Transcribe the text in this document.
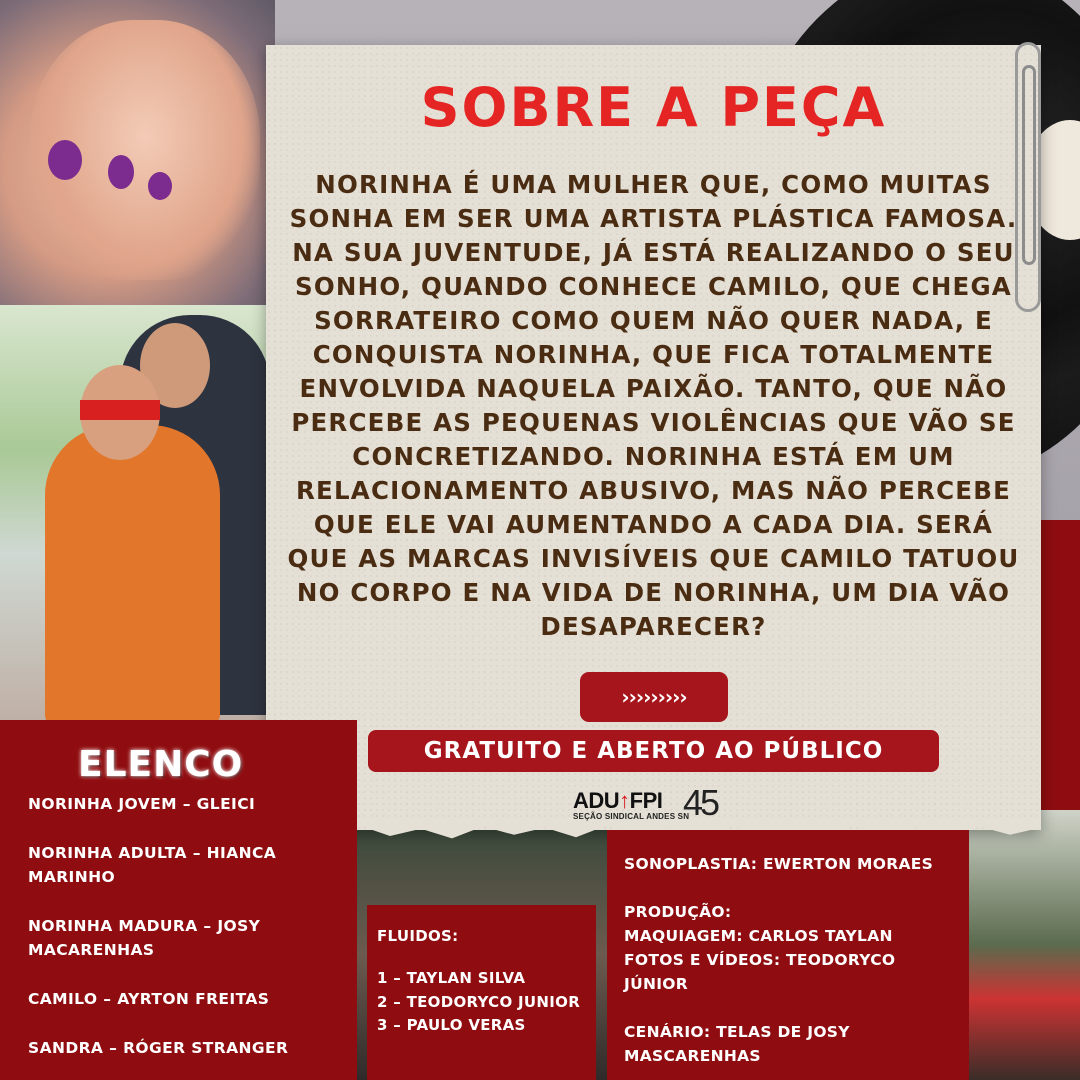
SOBRE A PEÇA
NORINHA É UMA MULHER QUE, COMO MUITAS SONHA EM SER UMA ARTISTA PLÁSTICA FAMOSA. NA SUA JUVENTUDE, JÁ ESTÁ REALIZANDO O SEU SONHO, QUANDO CONHECE CAMILO, QUE CHEGA SORRATEIRO COMO QUEM NÃO QUER NADA, E CONQUISTA NORINHA, QUE FICA TOTALMENTE ENVOLVIDA NAQUELA PAIXÃO. TANTO, QUE NÃO PERCEBE AS PEQUENAS VIOLÊNCIAS QUE VÃO SE CONCRETIZANDO. NORINHA ESTÁ EM UM RELACIONAMENTO ABUSIVO, MAS NÃO PERCEBE QUE ELE VAI AUMENTANDO A CADA DIA. SERÁ QUE AS MARCAS INVISÍVEIS QUE CAMILO TATUOU NO CORPO E NA VIDA DE NORINHA, UM DIA VÃO DESAPARECER?
›››››››››
GRATUITO E ABERTO AO PÚBLICO
ADU↑FPI 45
SEÇÃO SINDICAL ANDES SN
ELENCO
NORINHA JOVEM – GLEICI
NORINHA ADULTA – HIANCA MARINHO
NORINHA MADURA – JOSY MACARENHAS
CAMILO – AYRTON FREITAS
SANDRA – RÓGER STRANGER
FLUIDOS:
1 – TAYLAN SILVA
2 – TEODORYCO JUNIOR
3 – PAULO VERAS
SONOPLASTIA: EWERTON MORAES
PRODUÇÃO:
MAQUIAGEM: CARLOS TAYLAN
FOTOS E VÍDEOS: TEODORYCO JÚNIOR
CENÁRIO: TELAS DE JOSY MASCARENHAS
